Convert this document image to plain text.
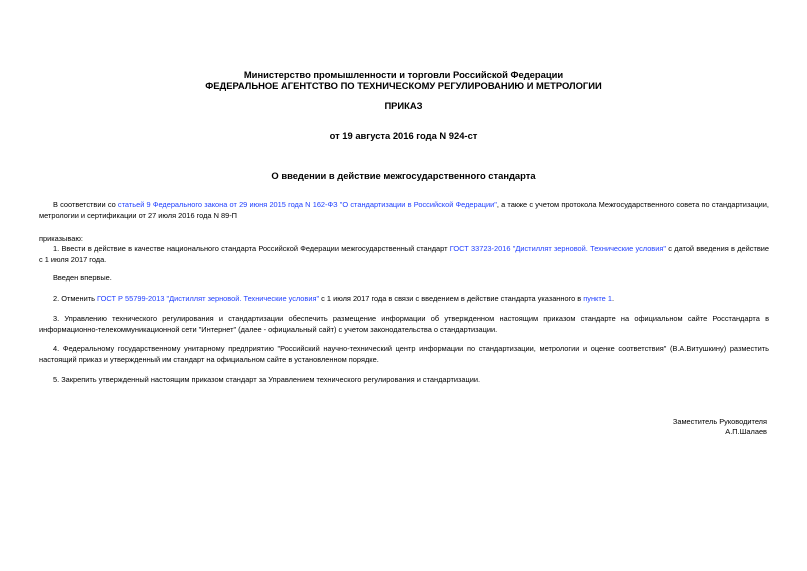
Министерство промышленности и торговли Российской Федерации
ФЕДЕРАЛЬНОЕ АГЕНТСТВО ПО ТЕХНИЧЕСКОМУ РЕГУЛИРОВАНИЮ И МЕТРОЛОГИИ
ПРИКАЗ
от 19 августа 2016 года N 924-ст
О введении в действие межгосударственного стандарта
В соответствии со статьей 9 Федерального закона от 29 июня 2015 года N 162-ФЗ "О стандартизации в Российской Федерации", а также с учетом протокола Межгосударственного совета по стандартизации, метрологии и сертификации от 27 июля 2016 года N 89-П
приказываю:
1. Ввести в действие в качестве национального стандарта Российской Федерации межгосударственный стандарт ГОСТ 33723-2016 "Дистиллят зерновой. Технические условия" с датой введения в действие с 1 июля 2017 года.
Введен впервые.
2. Отменить ГОСТ Р 55799-2013 "Дистиллят зерновой. Технические условия" с 1 июля 2017 года в связи с введением в действие стандарта указанного в пункте 1.
3. Управлению технического регулирования и стандартизации обеспечить размещение информации об утвержденном настоящим приказом стандарте на официальном сайте Росстандарта в информационно-телекоммуникационной сети "Интернет" (далее - официальный сайт) с учетом законодательства о стандартизации.
4. Федеральному государственному унитарному предприятию "Российский научно-технический центр информации по стандартизации, метрологии и оценке соответствия" (В.А.Витушкину) разместить настоящий приказ и утвержденный им стандарт на официальном сайте в установленном порядке.
5. Закрепить утвержденный настоящим приказом стандарт за Управлением технического регулирования и стандартизации.
Заместитель Руководителя
А.П.Шалаев
